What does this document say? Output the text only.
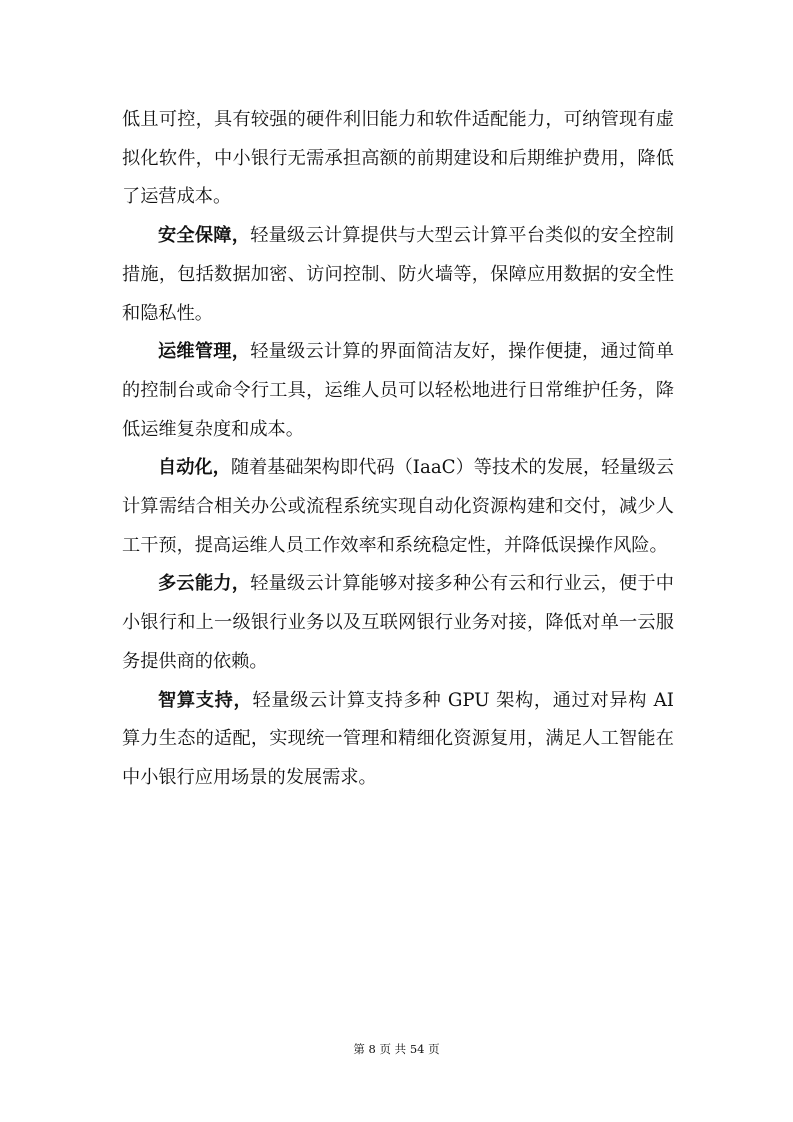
低且可控，具有较强的硬件利旧能力和软件适配能力，可纳管现有虚拟化软件，中小银行无需承担高额的前期建设和后期维护费用，降低了运营成本。

安全保障，轻量级云计算提供与大型云计算平台类似的安全控制措施，包括数据加密、访问控制、防火墙等，保障应用数据的安全性和隐私性。

运维管理，轻量级云计算的界面简洁友好，操作便捷，通过简单的控制台或命令行工具，运维人员可以轻松地进行日常维护任务，降低运维复杂度和成本。

自动化，随着基础架构即代码（IaaC）等技术的发展，轻量级云计算需结合相关办公或流程系统实现自动化资源构建和交付，减少人工干预，提高运维人员工作效率和系统稳定性，并降低误操作风险。

多云能力，轻量级云计算能够对接多种公有云和行业云，便于中小银行和上一级银行业务以及互联网银行业务对接，降低对单一云服务提供商的依赖。

智算支持，轻量级云计算支持多种 GPU 架构，通过对异构 AI 算力生态的适配，实现统一管理和精细化资源复用，满足人工智能在中小银行应用场景的发展需求。

第 8 页 共 54 页
